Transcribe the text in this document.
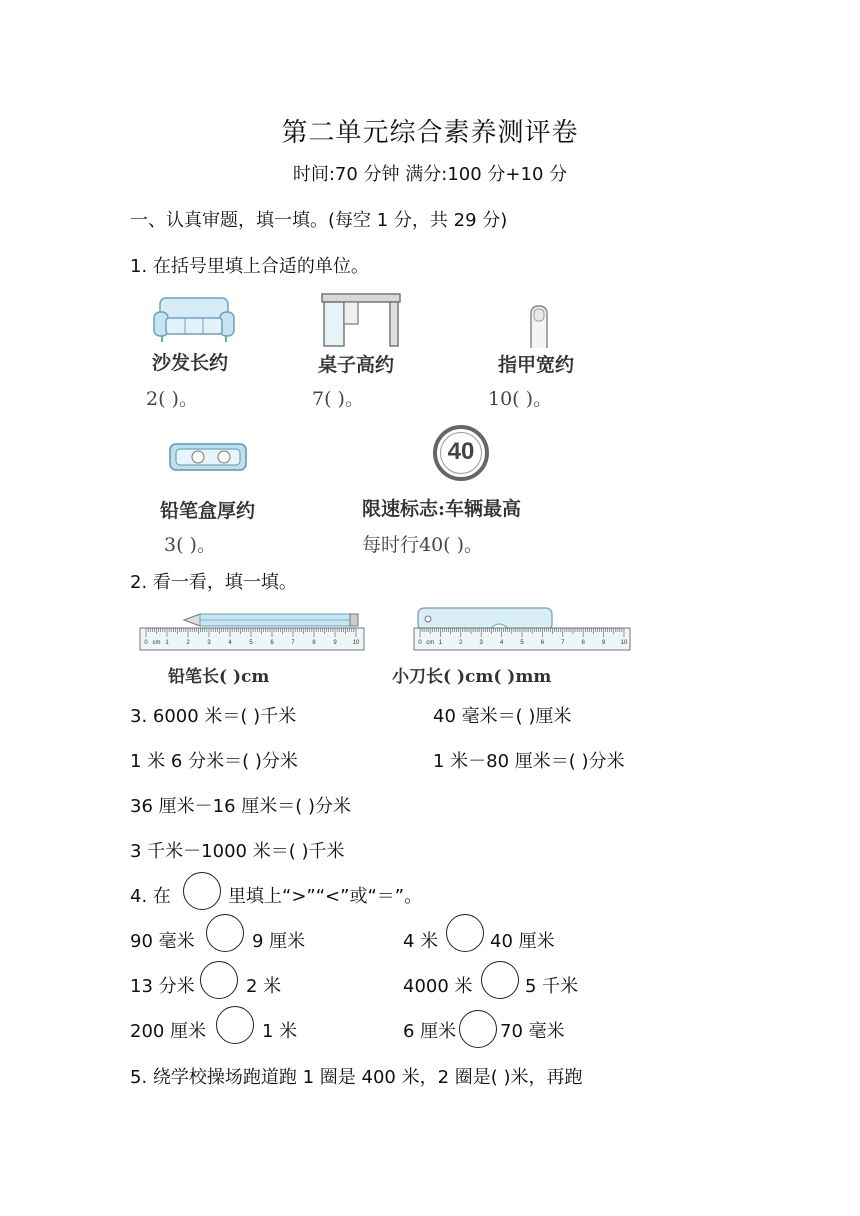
第二单元综合素养测评卷
时间:70 分钟 满分:100 分+10 分
一、认真审题，填一填。(每空 1 分，共 29 分)
1. 在括号里填上合适的单位。
沙发长约
2( )。
桌子高约
7( )。
指甲宽约
10( )。
铅笔盒厚约
3( )。
40
限速标志:车辆最高
每时行40( )。
2. 看一看，填一填。
0	1	2	3	4	5	6	7	8	9	10
cm
铅笔长( )cm
0	1	2	3	4	5	6	7	8	9	10
cm
小刀长( )cm( )mm
3. 6000 米＝( )千米	40 毫米＝( )厘米
1 米 6 分米＝( )分米	1 米－80 厘米＝( )分米
36 厘米－16 厘米＝( )分米
3 千米－1000 米＝( )千米
4. 在	里填上“>”“<”或“＝”。
90 毫米	9 厘米	4 米	40 厘米
13 分米	2 米	4000 米	5 千米
200 厘米	1 米	6 厘米 70 毫米
5. 绕学校操场跑道跑 1 圈是 400 米，2 圈是( )米，再跑
